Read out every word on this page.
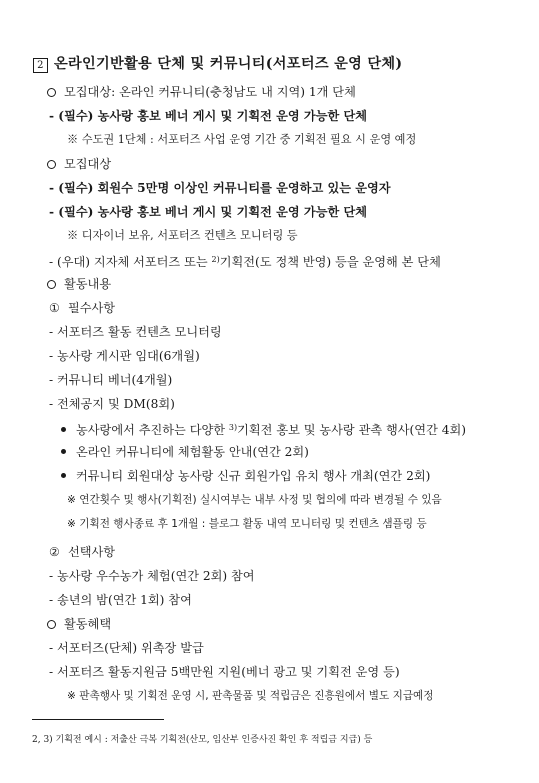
2 온라인기반활용 단체 및 커뮤니티(서포터즈 운영 단체)
모집대상: 온라인 커뮤니티(충청남도 내 지역) 1개 단체
- (필수) 농사랑 홍보 베너 게시 및 기획전 운영 가능한 단체
※ 수도권 1단체 : 서포터즈 사업 운영 기간 중 기획전 필요 시 운영 예정
모집대상
- (필수) 회원수 5만명 이상인 커뮤니티를 운영하고 있는 운영자
- (필수) 농사랑 홍보 베너 게시 및 기획전 운영 가능한 단체
※ 디자이너 보유, 서포터즈 컨텐츠 모니터링 등
- (우대) 지자체 서포터즈 또는 $^{2)}$기획전(도 정책 반영) 등을 운영해 본 단체
활동내용
① 필수사항
- 서포터즈 활동 컨텐츠 모니터링
- 농사랑 게시판 임대(6개월)
- 커뮤니티 베너(4개월)
- 전체공지 및 DM(8회)
농사랑에서 추진하는 다양한 $^{3)}$기획전 홍보 및 농사랑 관촉 행사(연간 4회)
온라인 커뮤니티에 체험활동 안내(연간 2회)
커뮤니티 회원대상 농사랑 신규 회원가입 유치 행사 개최(연간 2회)
※ 연간횟수 및 행사(기획전) 실시여부는 내부 사정 및 협의에 따라 변경될 수 있음
※ 기획전 행사종료 후 1개월 : 블로그 활동 내역 모니터링 및 컨텐츠 샘플링 등
② 선택사항
- 농사랑 우수농가 체험(연간 2회) 참여
- 송년의 밤(연간 1회) 참여
활동혜택
- 서포터즈(단체) 위촉장 발급
- 서포터즈 활동지원금 5백만원 지원(베너 광고 및 기획전 운영 등)
※ 판촉행사 및 기획전 운영 시, 판촉물품 및 적립금은 진흥원에서 별도 지급예정
2, 3) 기획전 예시 : 저출산 극복 기획전(산모, 임산부 인증사진 확인 후 적립금 지급) 등
